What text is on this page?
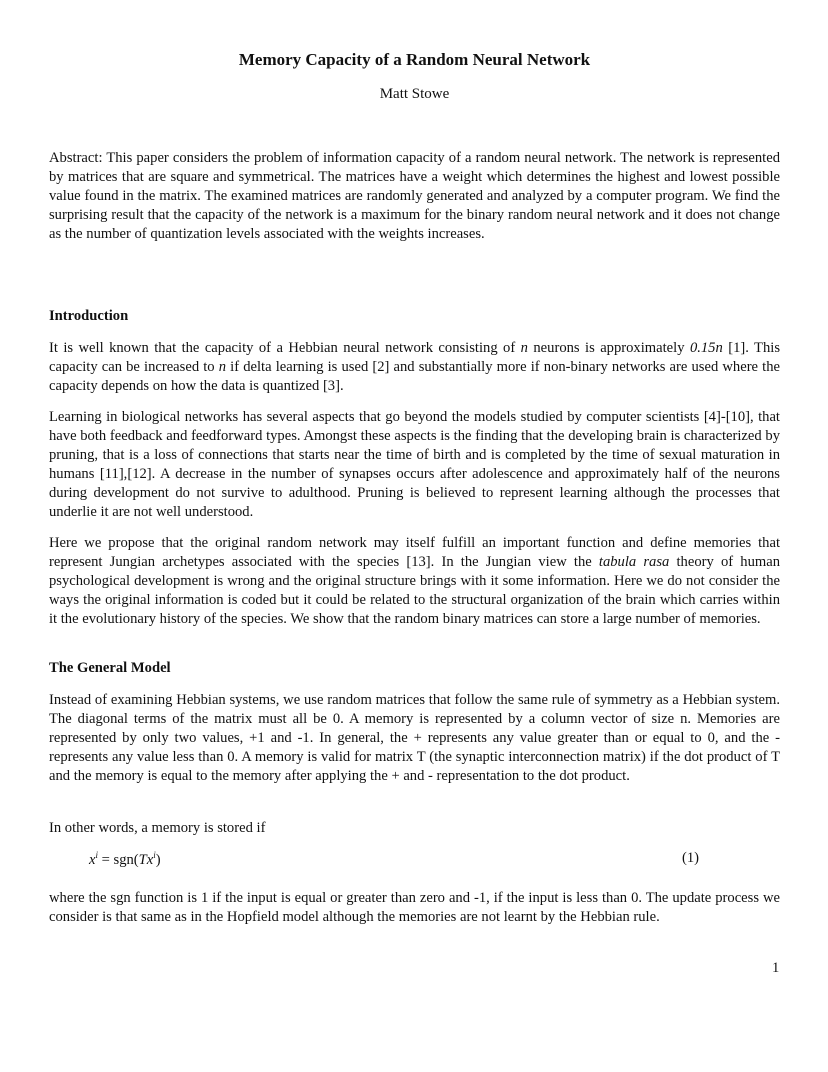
Memory Capacity of a Random Neural Network
Matt Stowe

Abstract: This paper considers the problem of information capacity of a random neural network. The network is represented by matrices that are square and symmetrical. The matrices have a weight which determines the highest and lowest possible value found in the matrix. The examined matrices are randomly generated and analyzed by a computer program. We find the surprising result that the capacity of the network is a maximum for the binary random neural network and it does not change as the number of quantization levels associated with the weights increases.

Introduction

It is well known that the capacity of a Hebbian neural network consisting of n neurons is approximately 0.15n [1]. This capacity can be increased to n if delta learning is used [2] and substantially more if non-binary networks are used where the capacity depends on how the data is quantized [3].

Learning in biological networks has several aspects that go beyond the models studied by computer scientists [4]-[10], that have both feedback and feedforward types. Amongst these aspects is the finding that the developing brain is characterized by pruning, that is a loss of connections that starts near the time of birth and is completed by the time of sexual maturation in humans [11],[12]. A decrease in the number of synapses occurs after adolescence and approximately half of the neurons during development do not survive to adulthood. Pruning is believed to represent learning although the processes that underlie it are not well understood.

Here we propose that the original random network may itself fulfill an important function and define memories that represent Jungian archetypes associated with the species [13]. In the Jungian view the tabula rasa theory of human psychological development is wrong and the original structure brings with it some information. Here we do not consider the ways the original information is coded but it could be related to the structural organization of the brain which carries within it the evolutionary history of the species. We show that the random binary matrices can store a large number of memories.

The General Model

Instead of examining Hebbian systems, we use random matrices that follow the same rule of symmetry as a Hebbian system. The diagonal terms of the matrix must all be 0. A memory is represented by a column vector of size n. Memories are represented by only two values, +1 and -1. In general, the + represents any value greater than or equal to 0, and the - represents any value less than 0. A memory is valid for matrix T (the synaptic interconnection matrix) if the dot product of T and the memory is equal to the memory after applying the + and - representation to the dot product.

In other words, a memory is stored if

$x^i = sgn(Tx^i)$	(1)

where the sgn function is 1 if the input is equal or greater than zero and -1, if the input is less than 0. The update process we consider is that same as in the Hopfield model although the memories are not learnt by the Hebbian rule.

1
